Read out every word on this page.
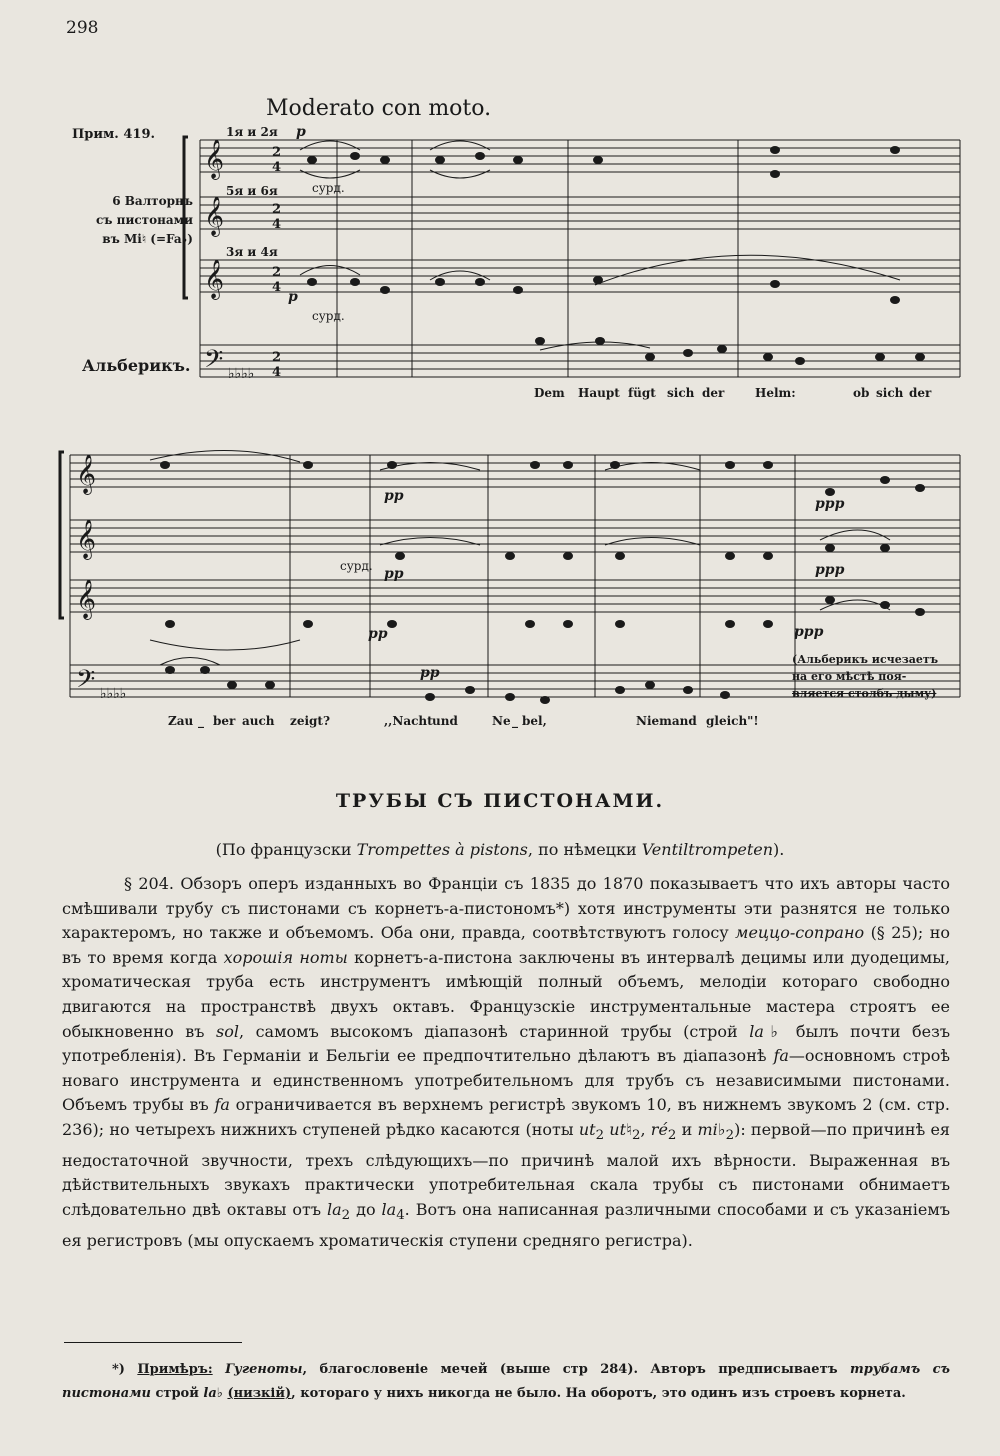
298
Moderato con moto.
Прим. 419.
6 Валторнъ
съ пистонами
въ Mi♮ (=Fa♭)
Альберикъ.
𝄞
𝄞
𝄞
𝄢
𝄞
𝄞
𝄞
𝄢
♭♭♭♭
♭♭♭♭
1я и 2я
5я и 6я
3я и 4я
2
4
2
4
2
4
2
4
p
сурд.
p
сурд.
pp
сурд. pp
pp
pp
ppp
ppp
ppp
Dem Haupt fügt sich der	Helm:	ob sich der
Zau _ ber auch zeigt?	,,Nacht und	Ne _ bel,	Niemand gleich"!
(Альберикъ исчезаетъ
на его мѣстѣ поя-
вляется столбъ дыму)
ТРУБЫ СЪ ПИСТОНАМИ.
(По французски Trompettes à pistons, по нѣмецки Ventiltrompeten).

§ 204. Обзоръ оперъ изданныхъ во Франціи съ 1835 до 1870 показываетъ что ихъ авторы часто смѣшивали трубу съ пистонами съ корнетъ-а-пистономъ*) хотя инструменты эти разнятся не только характеромъ, но также и объемомъ. Оба они, правда, соотвѣтствуютъ голосу меццо-сопрано (§ 25); но въ то время когда хорошія ноты корнетъ-а-пистона заключены въ интервалѣ децимы или дуодецимы, хроматическая труба есть инструментъ имѣющій полный объемъ, мелодіи котораго свободно двигаются на пространствѣ двухъ октавъ. Французскіе инструментальные мастера строятъ ее обыкновенно въ sol, самомъ высокомъ діапазонѣ старинной трубы (строй la♭ былъ почти безъ употребленія). Въ Германіи и Бельгіи ее предпочтительно дѣлаютъ въ діапазонѣ fa—основномъ строѣ новаго инструмента и единственномъ употребительномъ для трубъ съ независимыми пистонами. Объемъ трубы въ fa ограничивается въ верхнемъ регистрѣ звукомъ 10, въ нижнемъ звукомъ 2 (см. стр. 236); но четырехъ нижнихъ ступеней рѣдко касаются (ноты $ut_2$ $ut♮_2$, $ré_2$ и $mi♭_2$): первой—по причинѣ ея недостаточной звучности, трехъ слѣдующихъ—по причинѣ малой ихъ вѣрности. Выраженная въ дѣйствительныхъ звукахъ практически употребительная скала трубы съ пистонами обнимаетъ слѣдовательно двѣ октавы отъ $la_2$ до $la_4$. Вотъ она написанная различными способами и съ указаніемъ ея регистровъ (мы опускаемъ хроматическія ступени средняго регистра).

*) Примѣръ: Гугеноты, благословеніе мечей (выше стр 284). Авторъ предписываетъ трубамъ съ пистонами строй la♭ (низкій), котораго у нихъ никогда не было. На оборотъ, это одинъ изъ строевъ корнета.
